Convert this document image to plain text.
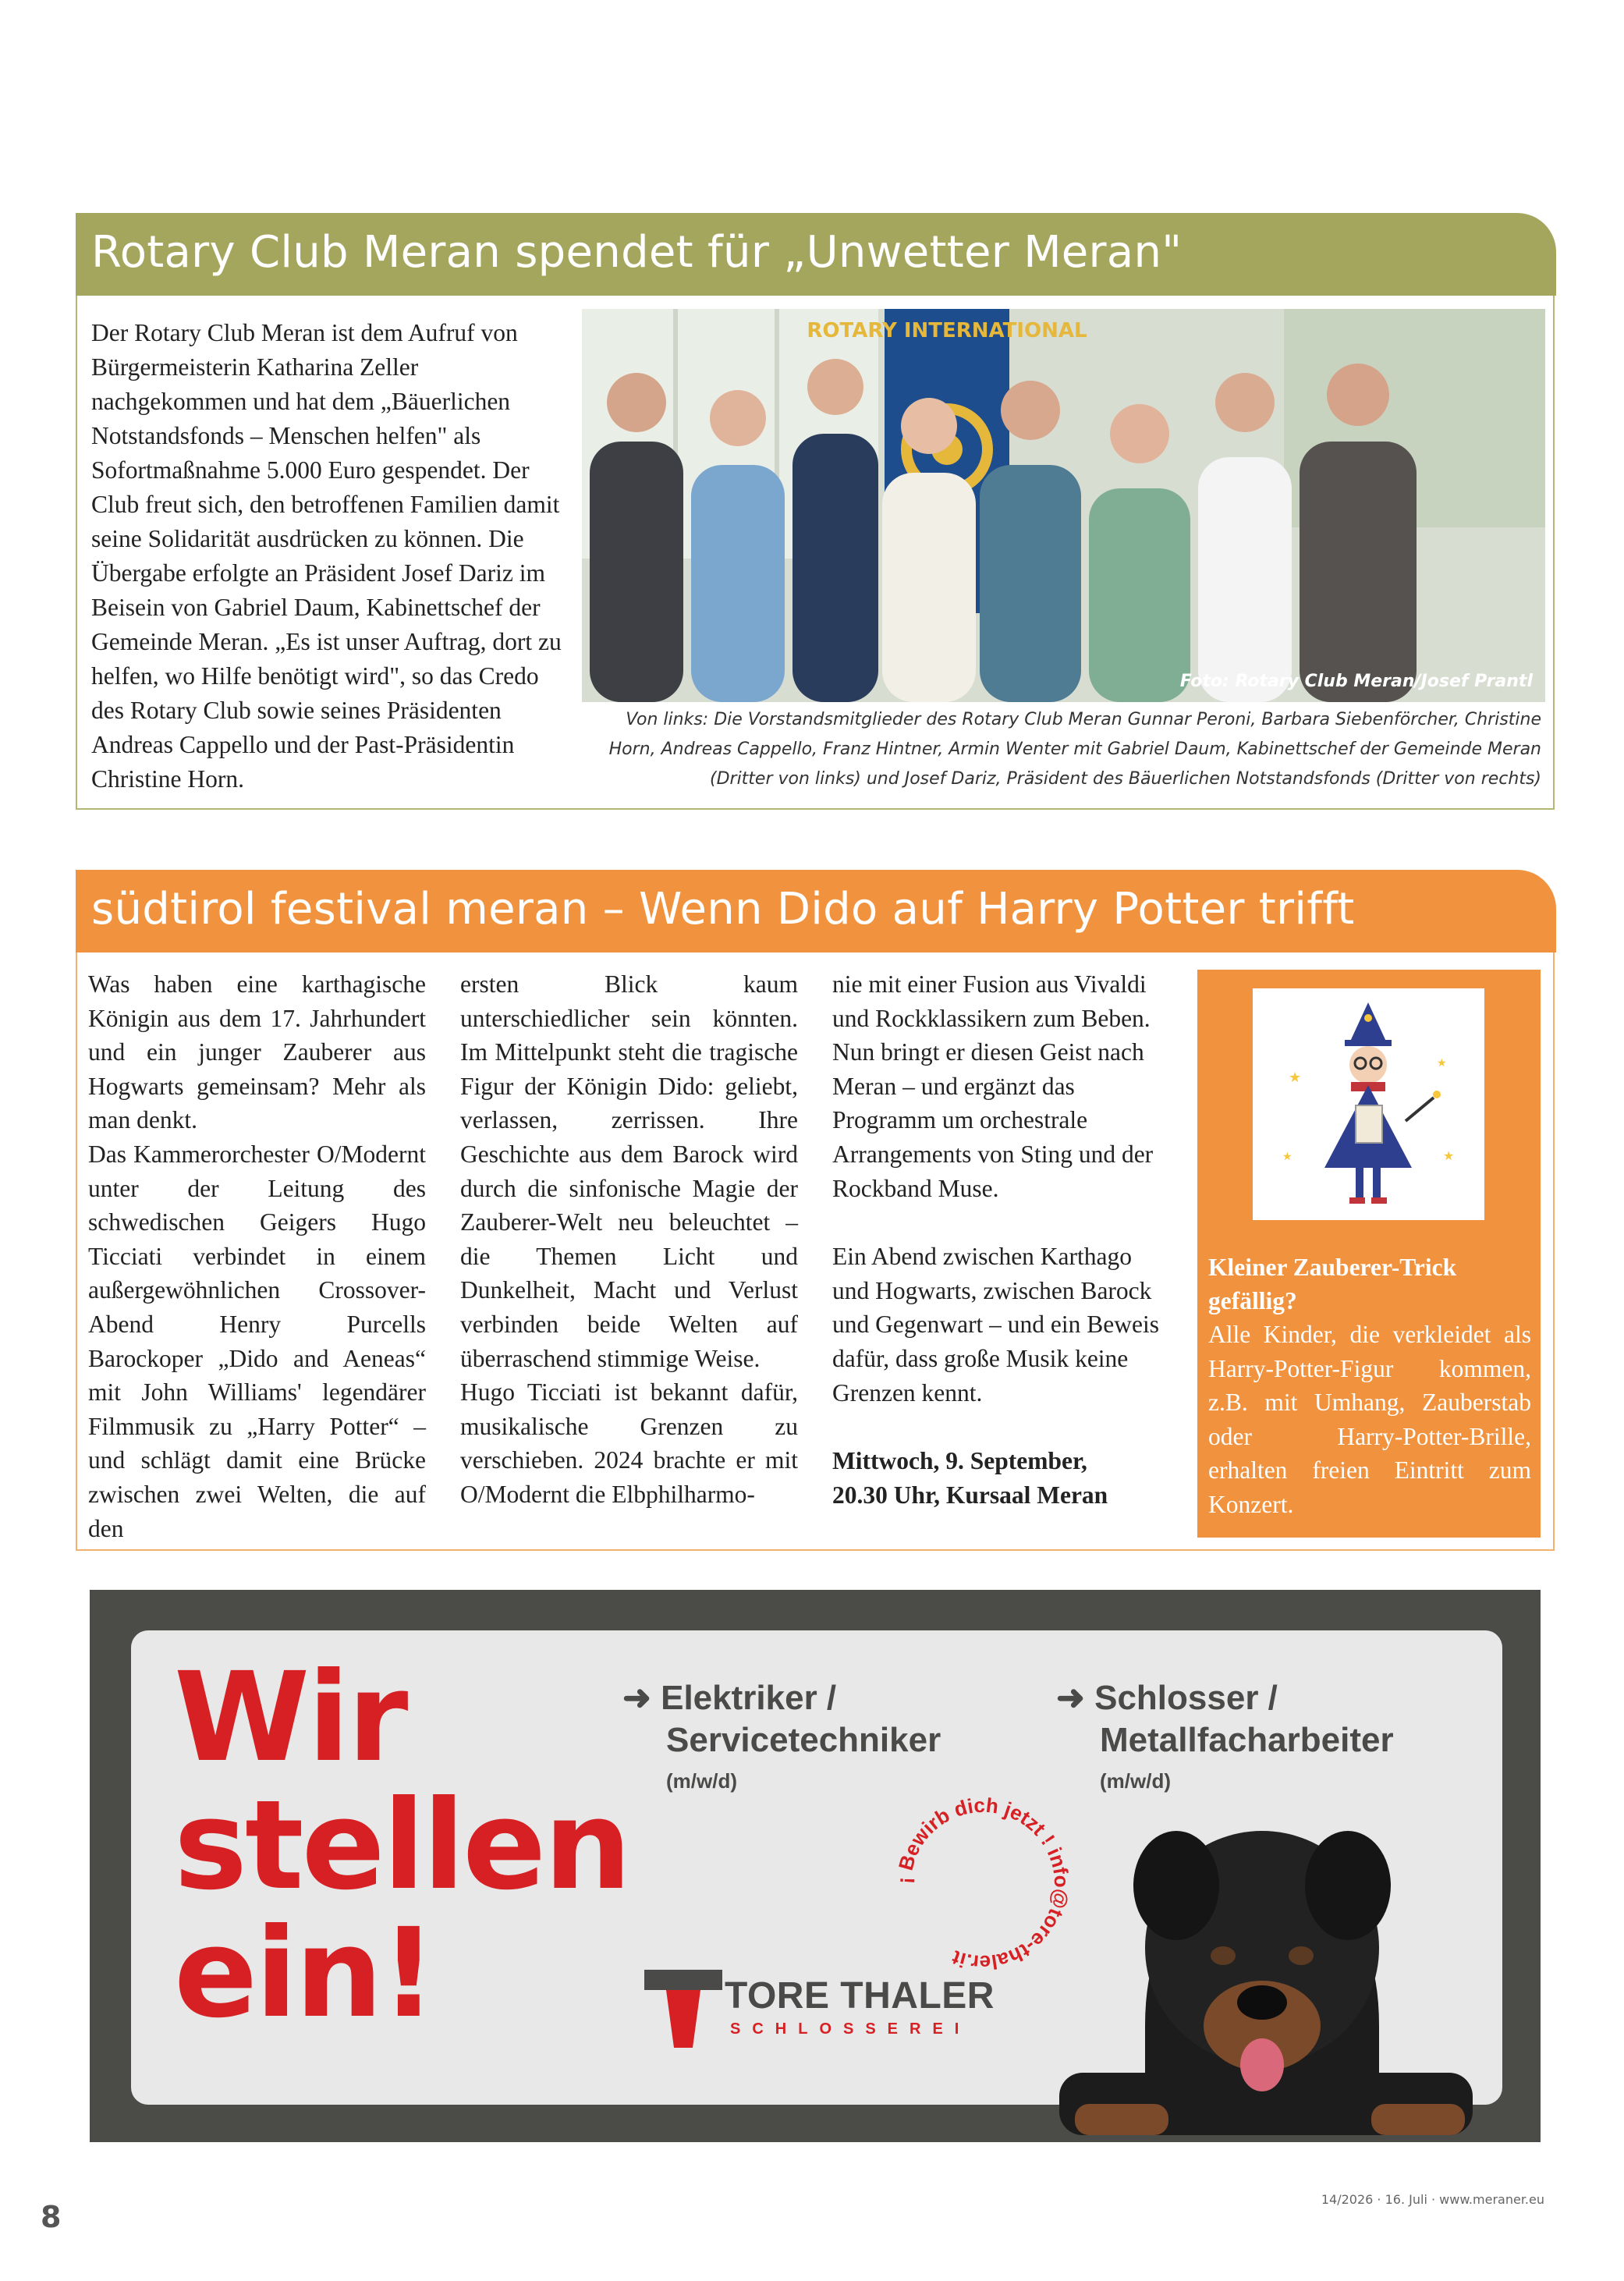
Rotary Club Meran spendet für „Unwetter Meran"

Der Rotary Club Meran ist dem Aufruf von Bürgermeisterin Katharina Zeller nachgekommen und hat dem „Bäuerlichen Notstandsfonds – Menschen helfen" als Sofortmaßnahme 5.000 Euro gespendet. Der Club freut sich, den betroffenen Familien damit seine Solidarität ausdrücken zu können. Die Übergabe erfolgte an Präsident Josef Dariz im Beisein von Gabriel Daum, Kabinettschef der Gemeinde Meran. „Es ist unser Auftrag, dort zu helfen, wo Hilfe benötigt wird", so das Credo des Rotary Club sowie seines Präsidenten Andreas Cappello und der Past-Präsidentin Christine Horn.

ROTARY INTERNATIONAL
Foto: Rotary Club Meran/Josef Prantl
Von links: Die Vorstandsmitglieder des Rotary Club Meran Gunnar Peroni, Barbara Siebenförcher, Christine Horn, Andreas Cappello, Franz Hintner, Armin Wenter mit Gabriel Daum, Kabinettschef der Gemeinde Meran (Dritter von links) und Josef Dariz, Präsident des Bäuerlichen Notstandsfonds (Dritter von rechts)
südtirol festival meran – Wenn Dido auf Harry Potter trifft

Was haben eine karthagische Königin aus dem 17. Jahrhundert und ein junger Zauberer aus Hogwarts gemeinsam? Mehr als man denkt.

Das Kammerorchester O/Modernt unter der Leitung des schwedischen Geigers Hugo Ticciati verbindet in einem außergewöhnlichen Crossover-Abend Henry Purcells Barockoper „Dido and Aeneas“ mit John Williams' legendärer Filmmusik zu „Harry Potter“ – und schlägt damit eine Brücke zwischen zwei Welten, die auf den

ersten Blick kaum unterschiedlicher sein könnten. Im Mittelpunkt steht die tragische Figur der Königin Dido: geliebt, verlassen, zerrissen. Ihre Geschichte aus dem Barock wird durch die sinfonische Magie der Zauberer-Welt neu beleuchtet – die Themen Licht und Dunkelheit, Macht und Verlust verbinden beide Welten auf überraschend stimmige Weise.

Hugo Ticciati ist bekannt dafür, musikalische Grenzen zu verschieben. 2024 brachte er mit O/Modernt die Elbphilharmo-

nie mit einer Fusion aus Vivaldi und Rockklassikern zum Beben. Nun bringt er diesen Geist nach Meran – und ergänzt das Programm um orchestrale Arrangements von Sting und der Rockband Muse.

Ein Abend zwischen Karthago und Hogwarts, zwischen Barock und Gegenwart – und ein Beweis dafür, dass große Musik keine Grenzen kennt.

Mittwoch, 9. September,

20.30 Uhr, Kursaal Meran

★
★
★	★
Kleiner Zauberer-Trick gefällig?
Alle Kinder, die verkleidet als Harry-Potter-Figur kommen, z.B. mit Umhang, Zauberstab oder Harry-Potter-Brille, erhalten freien Eintritt zum Konzert.
Wir
stellen
ein!
➜ Elektriker /
Servicetechniker
(m/w/d)
➜ Schlosser /
Metallfacharbeiter
(m/w/d)
¡ Bewirb dich jetzt ! info@tore-thaler.it
TORE THALER
SCHLOSSEREI
8
14/2026 · 16. Juli · www.meraner.eu
